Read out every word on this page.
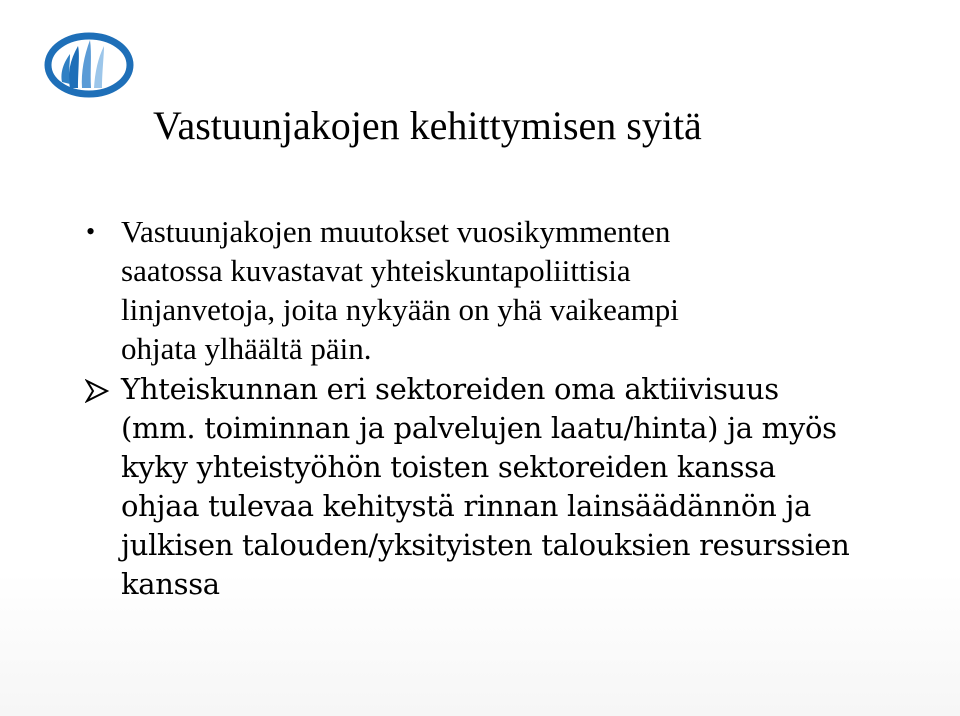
Vastuunjakojen kehittymisen syitä
• Vastuunjakojen muutokset vuosikymmenten
saatossa kuvastavat yhteiskuntapoliittisia
linjanvetoja, joita nykyään on yhä vaikeampi
ohjata ylhäältä päin.
Yhteiskunnan eri sektoreiden oma aktiivisuus
(mm. toiminnan ja palvelujen laatu/hinta) ja myös
kyky yhteistyöhön toisten sektoreiden kanssa
ohjaa tulevaa kehitystä rinnan lainsäädännön ja
julkisen talouden/yksityisten talouksien resurssien
kanssa
